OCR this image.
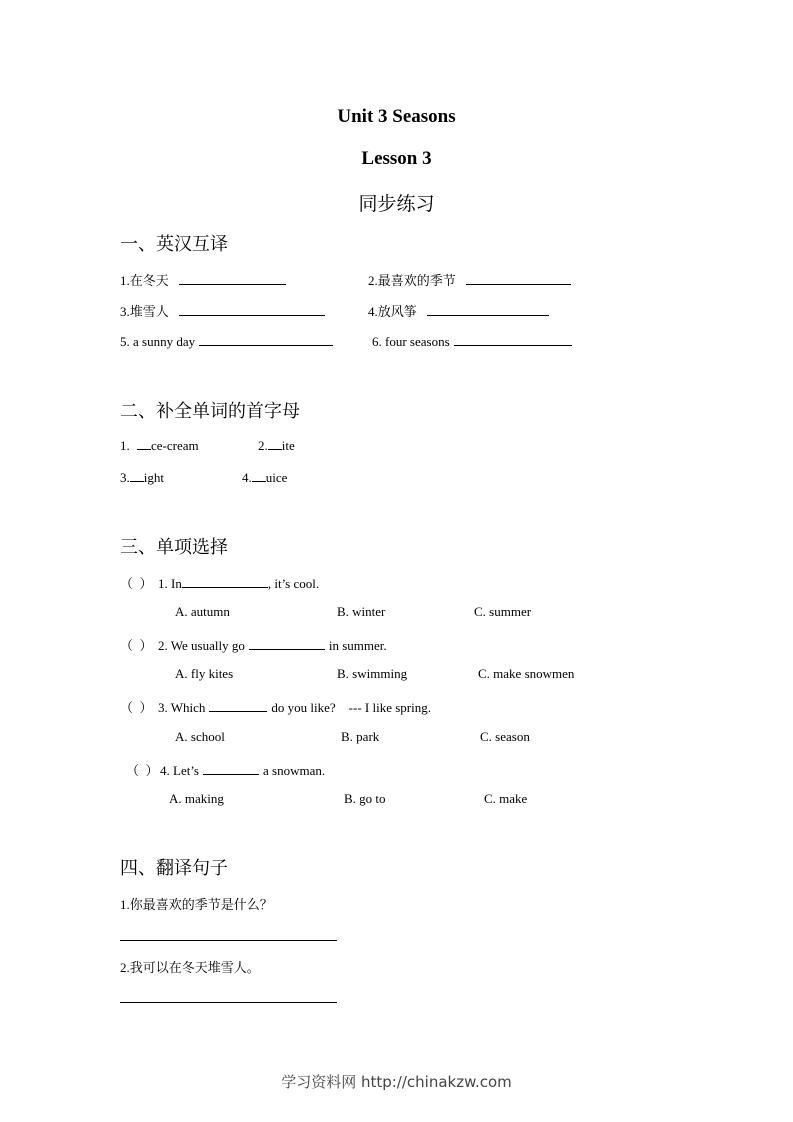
Unit 3 Seasons
Lesson 3
同步练习
一、英汉互译
1.在冬天	2.最喜欢的季节
3.堆雪人	4.放风筝
5. a sunny day	6. four seasons
二、补全单词的首字母
1. ce-cream	2. ite
3. ight	4. uice
三、单项选择
（ ） 1. In	, it’s cool.
A. autumn	B. winter	C. summer
（ ） 2. We usually go	in summer.
A. fly kites	B. swimming	C. make snowmen
（ ） 3. Which	do you like?    --- I like spring.
A. school	B. park	C. season
（ ）4. Let’s	a snowman.
A. making	B. go to	C. make
四、翻译句子
1.你最喜欢的季节是什么？
2.我可以在冬天堆雪人。
学习资料网 http://chinakzw.com
